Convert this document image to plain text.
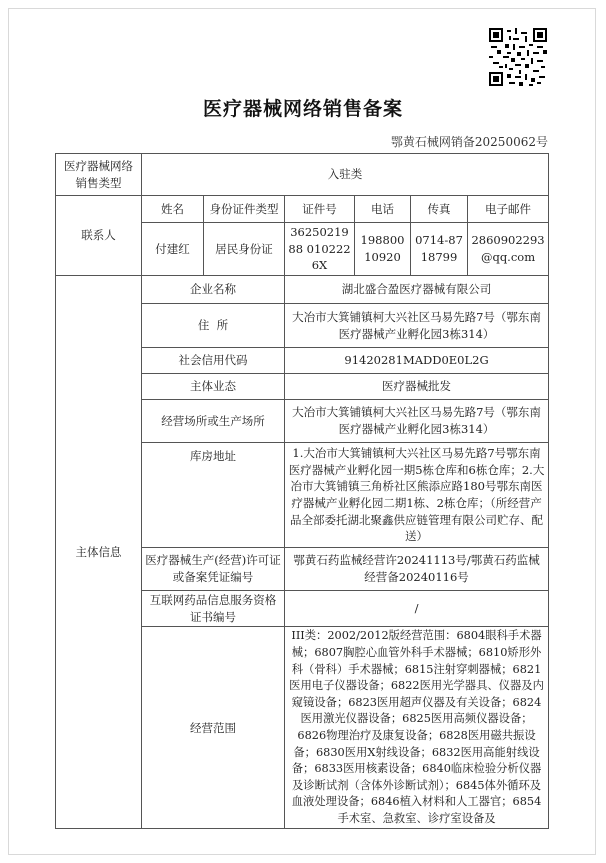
医疗器械网络销售备案
鄂黄石械网销备20250062号
医疗器械网络销售类型	入驻类					
联系人	姓名	身份证件类型	证件号	电话	传真	电子邮件
	付建红	居民身份证	3625021988 0102226X	19880010920	0714-8718799	2860902293@qq.com
主体信息	企业名称		湖北盛合盈医疗器械有限公司			
	住  所		大冶市大箕铺镇柯大兴社区马易先路7号（鄂东南医疗器械产业孵化园3栋314）			
	社会信用代码		91420281MADD0E0L2G			
	主体业态		医疗器械批发			
	经营场所或生产场所		大冶市大箕铺镇柯大兴社区马易先路7号（鄂东南医疗器械产业孵化园3栋314）			
	库房地址		1.大冶市大箕铺镇柯大兴社区马易先路7号鄂东南医疗器械产业孵化园一期5栋仓库和6栋仓库；2.大冶市大箕铺镇三角桥社区熊添应路180号鄂东南医疗器械产业孵化园二期1栋、2栋仓库；（所经营产品全部委托湖北聚鑫供应链管理有限公司贮存、配送）			
	医疗器械生产(经营)许可证或备案凭证编号		鄂黄石药监械经营许20241113号/鄂黄石药监械经营备20240116号			
	互联网药品信息服务资格证书编号		/			
	经营范围		III类：2002/2012版经营范围：6804眼科手术器械；6807胸腔心血管外科手术器械；6810矫形外科（骨科）手术器械；6815注射穿刺器械；6821医用电子仪器设备；6822医用光学器具、仪器及内窥镜设备；6823医用超声仪器及有关设备；6824医用激光仪器设备；6825医用高频仪器设备；6826物理治疗及康复设备；6828医用磁共振设备；6830医用X射线设备；6832医用高能射线设备；6833医用核素设备；6840临床检验分析仪器及诊断试剂（含体外诊断试剂）；6845体外循环及血液处理设备；6846植入材料和人工器官；6854手术室、急救室、诊疗室设备及			
